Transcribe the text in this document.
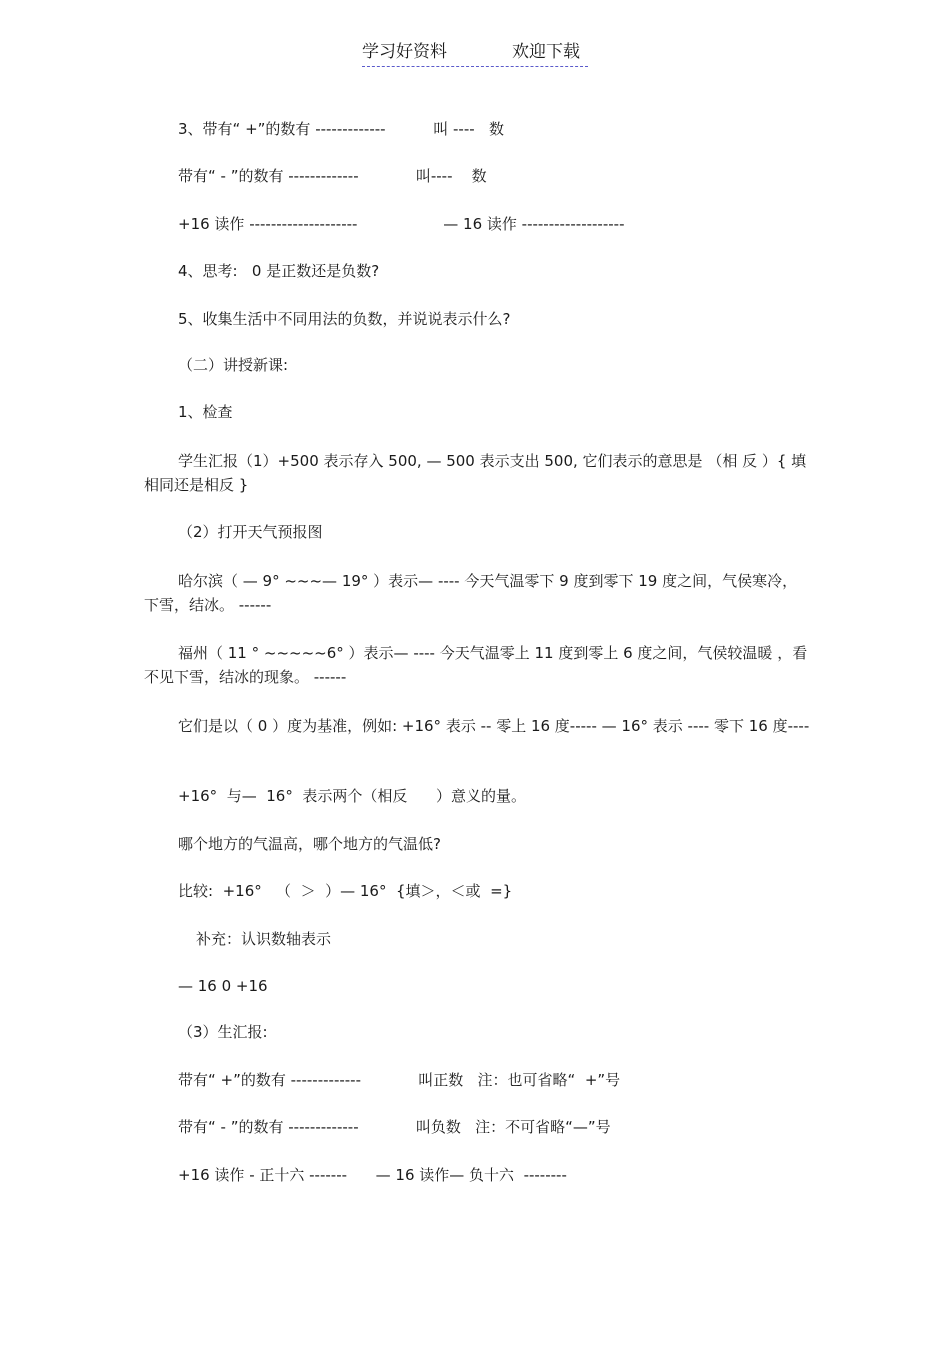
学习好资料	欢迎下载
3、带有“ +”的数有 -------------          叫 ----   数
带有“ - ”的数有 -------------            叫----    数
+16 读作 --------------------                  — 16 读作 -------------------
4、思考:   0 是正数还是负数?
5、收集生活中不同用法的负数，并说说表示什么?
（二）讲授新课:
1、检查
学生汇报（1）+500 表示存入 500, — 500 表示支出 500, 它们表示的意思是 （相 反 ）{ 填相同还是相反 }
（2）打开天气预报图
哈尔滨（ — 9° ~~~— 19° ）表示— ---- 今天气温零下 9 度到零下 19 度之间，气侯寒冷，下雪，结冰。 ------
福州（ 11 ° ~~~~~6° ）表示— ---- 今天气温零上 11 度到零上 6 度之间，气侯较温暖 ，看不见下雪，结冰的现象。 ------
它们是以（ 0 ）度为基准，例如: +16° 表示 -- 零上 16 度----- — 16° 表示 ---- 零下 16 度----
+16°  与—  16°  表示两个（相反      ）意义的量。
哪个地方的气温高，哪个地方的气温低?
比较:  +16°   （  ＞  ）— 16°  {填＞，＜或  =}
补充：认识数轴表示
— 16 0 +16
（3）生汇报:
带有“ +”的数有 -------------            叫正数   注：也可省略“  +”号
带有“ - ”的数有 -------------            叫负数   注：不可省略“—”号
+16 读作 - 正十六 -------      — 16 读作— 负十六  --------
